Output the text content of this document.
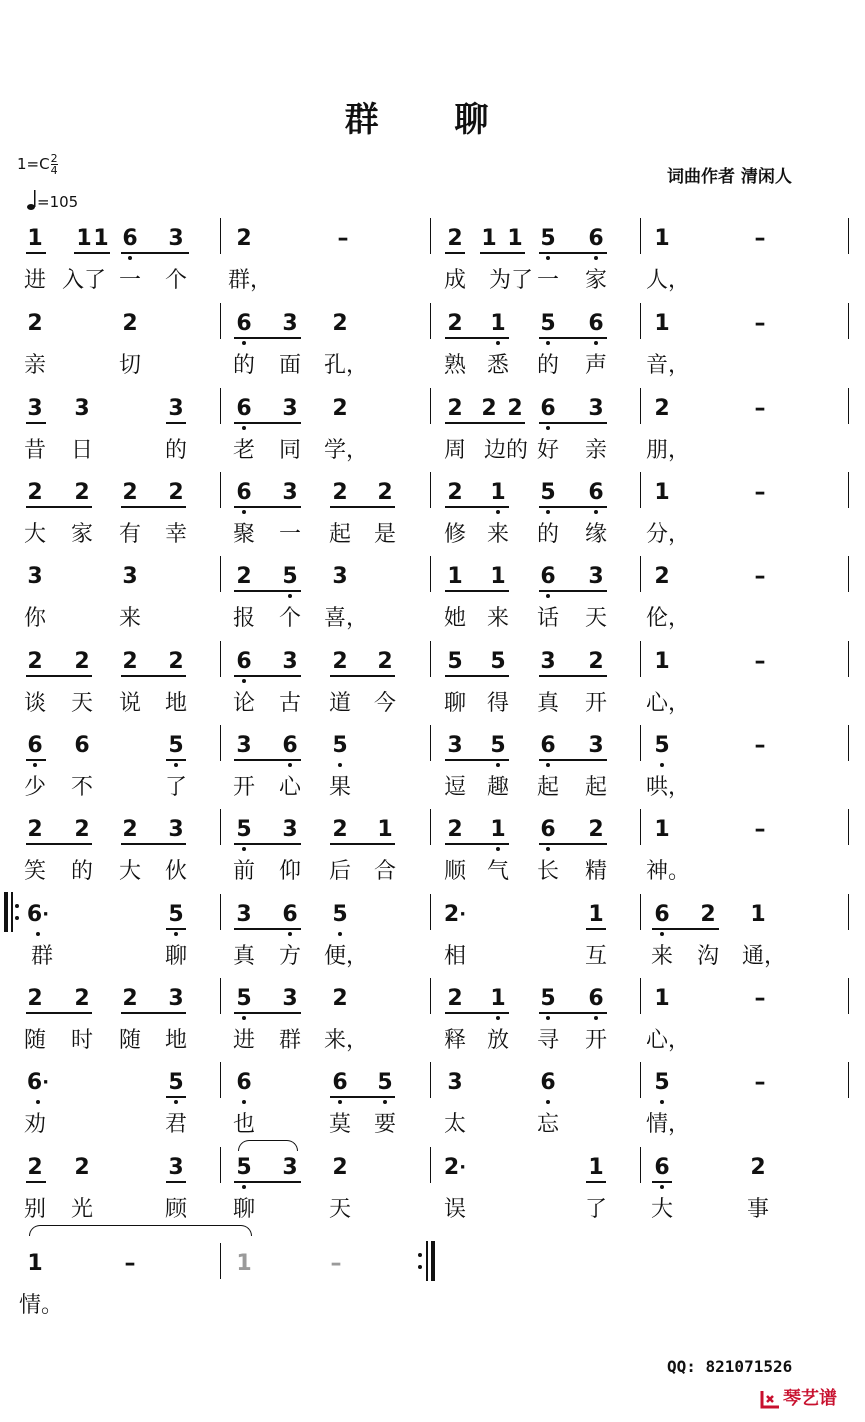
群 聊
$1=C \frac{2}{4}$
=105
词曲作者 清闲人
1	1 1 6	3	2	–	2 1 1 5	6	1	–
进 入了 一 个 群，	成 为了 一 家 人，
2	2	6	3	2	2	1	5	6	1	–
亲	切	的 面 孔，	熟 悉 的 声 音，
3	3	3	6	3	2	2 2 2 6	3	2	–
昔 日	的 老 同 学，	周 边的 好 亲 朋，
2	2	2	2	6	3	2	2	2	1	5	6	1	–
大 家 有 幸 聚 一 起 是 修 来 的 缘 分，
3	3	2	5	3	1	1	6	3	2	–
你	来	报 个 喜，	她 来 话 天 伦，
2	2	2	2	6	3	2	2	5	5	3	2	1	–
谈 天 说 地 论 古 道 今 聊 得 真 开 心，
6	6	5	3	6	5	3	5	6	3	5	–
少 不	了 开 心 果	逗 趣 起 起 哄，
2	2	2	3	5	3	2	1	2	1	6	2	1	–
笑 的 大 伙 前 仰 后 合 顺 气 长 精 神。
6·	5	3	6	5	2·	1	6	2	1
群	聊 真 方 便，	相	互 来 沟 通，
2	2	2	3	5	3	2	2	1	5	6	1	–
随 时 随 地 进 群 来，	释 放 寻 开 心，
6·	5	6	6	5	3	6	5	–
劝	君 也	莫 要 太	忘	情，
2	2	3	5	3	2	2·	1	6	2
别 光	顾 聊	天	误	了 大	事
1	–	1	–
情。
QQ: 821071526
琴艺谱
